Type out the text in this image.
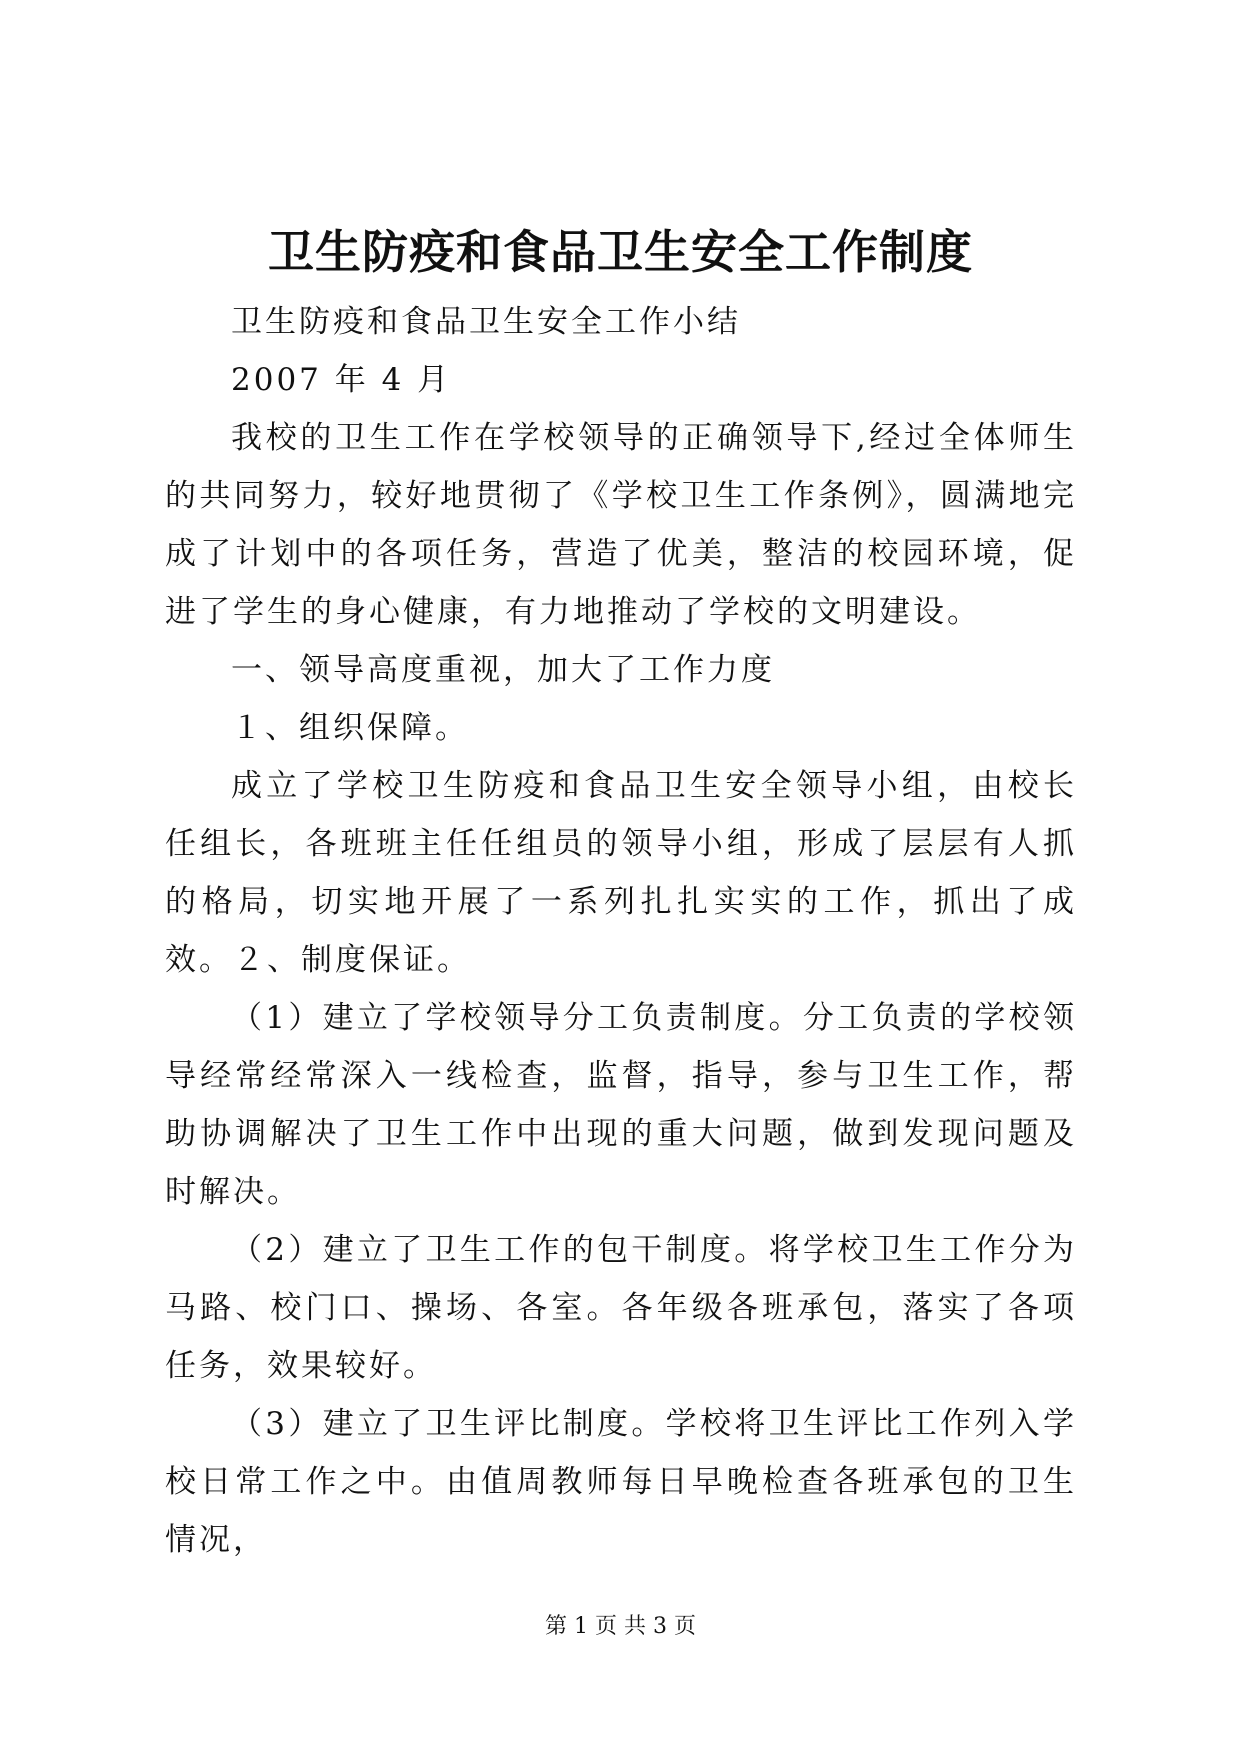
卫生防疫和食品卫生安全工作制度

卫生防疫和食品卫生安全工作小结

2007 年 4 月

我校的卫生工作在学校领导的正确领导下,经过全体师生的共同努力，较好地贯彻了《学校卫生工作条例》，圆满地完成了计划中的各项任务，营造了优美，整洁的校园环境，促进了学生的身心健康，有力地推动了学校的文明建设。

一、领导高度重视，加大了工作力度

１、组织保障。

成立了学校卫生防疫和食品卫生安全领导小组，由校长任组长，各班班主任任组员的领导小组，形成了层层有人抓的格局，切实地开展了一系列扎扎实实的工作，抓出了成效。２、制度保证。

（1）建立了学校领导分工负责制度。分工负责的学校领导经常经常深入一线检查，监督，指导，参与卫生工作，帮助协调解决了卫生工作中出现的重大问题，做到发现问题及时解决。

（2）建立了卫生工作的包干制度。将学校卫生工作分为马路、校门口、操场、各室。各年级各班承包，落实了各项任务，效果较好。

（3）建立了卫生评比制度。学校将卫生评比工作列入学校日常工作之中。由值周教师每日早晚检查各班承包的卫生情况，

第 1 页 共 3 页
